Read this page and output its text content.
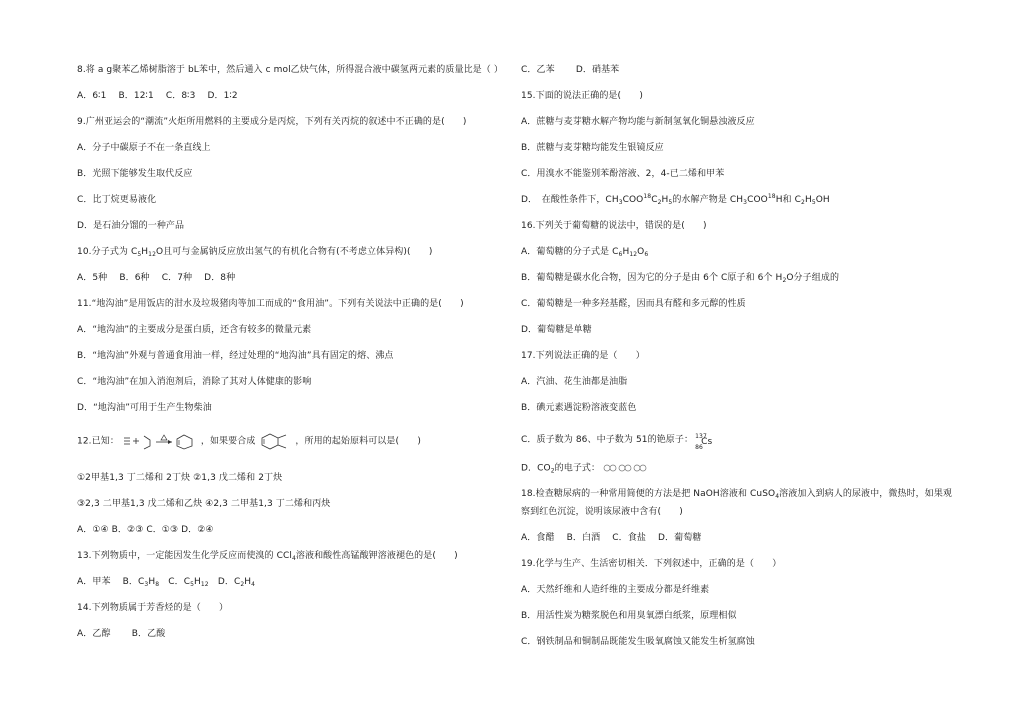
8.将 a g聚苯乙烯树脂溶于 bL苯中，然后通入 c mol乙炔气体，所得混合液中碳氢两元素的质量比是（ ）
A．6∶1　 B．12∶1　 C．8∶3　 D．1∶2
9.广州亚运会的“潮流”火炬所用燃料的主要成分是丙烷，下列有关丙烷的叙述中不正确的是(　　)
A．分子中碳原子不在一条直线上
B．光照下能够发生取代反应
C．比丁烷更易液化
D．是石油分馏的一种产品
10.分子式为 $C_5H_{12}O$且可与金属钠反应放出氢气的有机化合物有(不考虑立体异构)(　　)
A．5种　 B．6种　 C．7种　 D．8种
11.“地沟油”是用饭店的泔水及垃圾猪肉等加工而成的“食用油”。下列有关说法中正确的是(　　)
A．“地沟油”的主要成分是蛋白质，还含有较多的微量元素
B．“地沟油”外观与普通食用油一样，经过处理的“地沟油”具有固定的熔、沸点
C．“地沟油”在加入消泡剂后，消除了其对人体健康的影响
D．“地沟油”可用于生产生物柴油
12.已知：	，如果要合成	，所用的起始原料可以是(　　)
①2甲基1,3 丁二烯和 2丁炔 ②1,3 戊二烯和 2丁炔
③2,3 二甲基1,3 戊二烯和乙炔 ④2,3 二甲基1,3 丁二烯和丙炔
A．①④ B．②③ C．①③ D．②④
13.下列物质中，一定能因发生化学反应而使溴的 CCl$_4$溶液和酸性高锰酸钾溶液褪色的是(　　)
A．甲苯　 B．$C_3H_8$　C．$C_5H_{12}$　D．$C_2H_4$
14.下列物质属于芳香烃的是（　　）
A．乙醇　　 B．乙酸
C．乙苯　　 D．硝基苯
15.下面的说法正确的是(　　)
A．蔗糖与麦芽糖水解产物均能与新制氢氧化铜悬浊液反应
B．蔗糖与麦芽糖均能发生银镜反应
C．用溴水不能鉴别苯酚溶液、2，4-已二烯和甲苯
D．　在酸性条件下，$CH_3COO^{18}C_2H_5$的水解产物是 $CH_3COO^{18}H$和 $C_2H_5OH$
16.下列关于葡萄糖的说法中，错误的是(　　)
A．葡萄糖的分子式是 $C_6H_{12}O_6$
B．葡萄糖是碳水化合物，因为它的分子是由 6个 C原子和 6个 $H_2O$分子组成的
C．葡萄糖是一种多羟基醛，因而具有醛和多元醇的性质
D．葡萄糖是单糖
17.下列说法正确的是（　　）
A．汽油、花生油都是油脂
B．碘元素遇淀粉溶液变蓝色
C．质子数为 86、中子数为 51的铯原子： 137
86
Cs
D．$CO_2$的电子式：
18.检查糖尿病的一种常用简便的方法是把 NaOH溶液和 CuSO$_4$溶液加入到病人的尿液中，微热时，如果观
察到红色沉淀，说明该尿液中含有(　　)
A．食醋　 B．白酒　 C．食盐　 D．葡萄糖
19.化学与生产、生活密切相关．下列叙述中，正确的是（　　）
A．天然纤维和人造纤维的主要成分都是纤维素
B．用活性炭为糖浆脱色和用臭氧漂白纸浆，原理相似
C．钢铁制品和铜制品既能发生吸氧腐蚀又能发生析氢腐蚀
